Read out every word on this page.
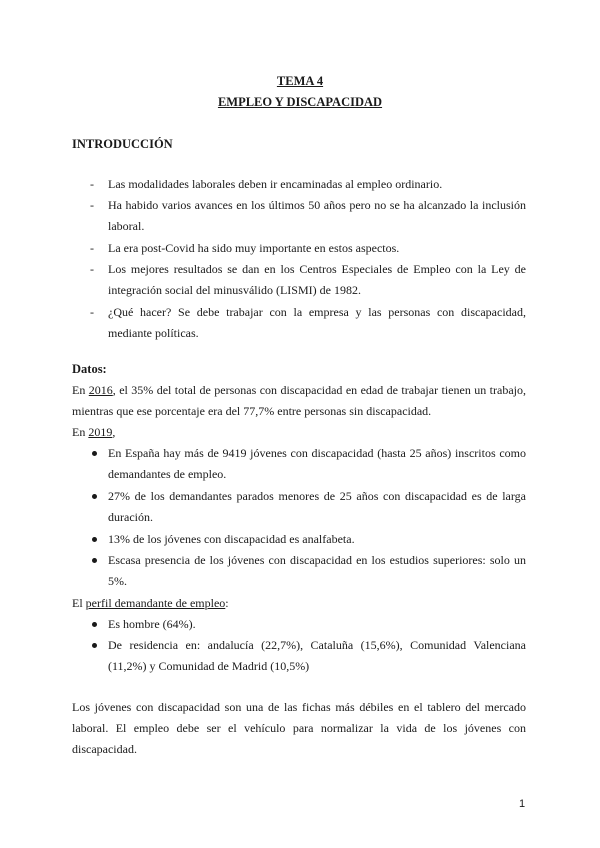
TEMA 4
EMPLEO Y DISCAPACIDAD
INTRODUCCIÓN
- Las modalidades laborales deben ir encaminadas al empleo ordinario.
- Ha habido varios avances en los últimos 50 años pero no se ha alcanzado la inclusión
laboral.
- La era post-Covid ha sido muy importante en estos aspectos.
- Los mejores resultados se dan en los Centros Especiales de Empleo con la Ley de
integración social del minusválido (LISMI) de 1982.
- ¿Qué hacer? Se debe trabajar con la empresa y las personas con discapacidad,
mediante políticas.
Datos:
En 2016, el 35% del total de personas con discapacidad en edad de trabajar tienen un trabajo,
mientras que ese porcentaje era del 77,7% entre personas sin discapacidad.
En 2019,
En España hay más de 9419 jóvenes con discapacidad (hasta 25 años) inscritos como
demandantes de empleo.
27% de los demandantes parados menores de 25 años con discapacidad es de larga
duración.
13% de los jóvenes con discapacidad es analfabeta.
Escasa presencia de los jóvenes con discapacidad en los estudios superiores: solo un
5%.
El perfil demandante de empleo:
Es hombre (64%).
De residencia en: andalucía (22,7%), Cataluña (15,6%), Comunidad Valenciana
(11,2%) y Comunidad de Madrid (10,5%)
Los jóvenes con discapacidad son una de las fichas más débiles en el tablero del mercado
laboral. El empleo debe ser el vehículo para normalizar la vida de los jóvenes con
discapacidad.
1
